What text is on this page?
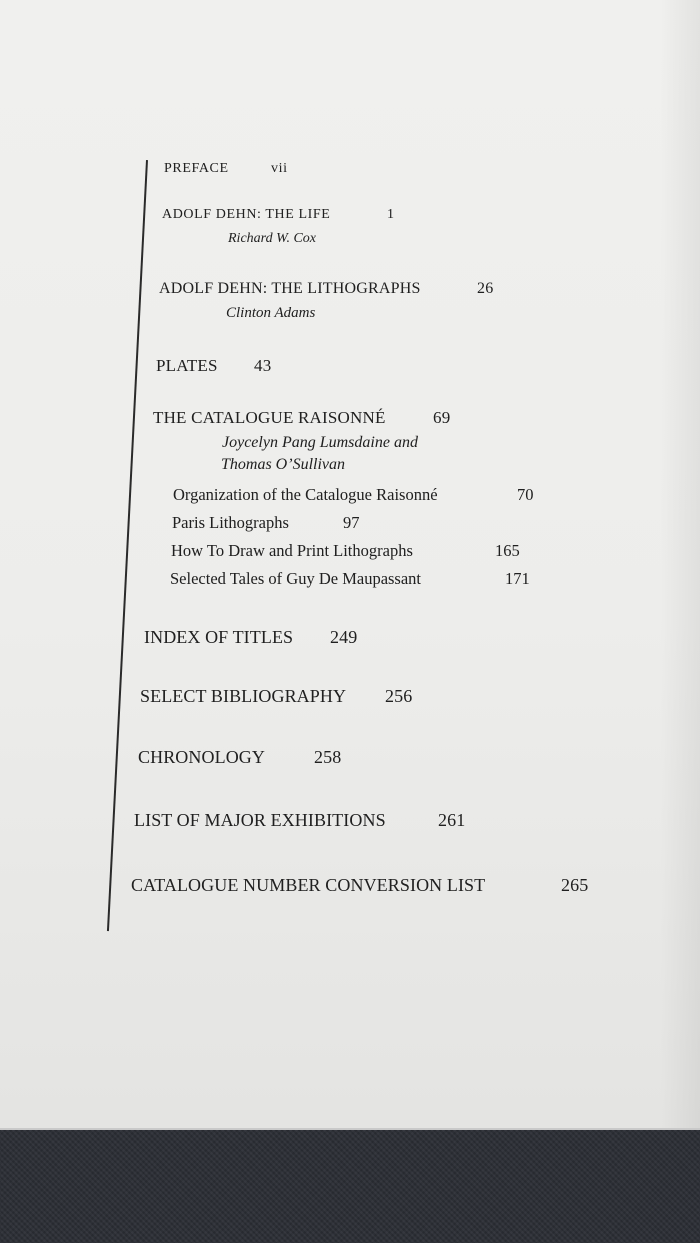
PREFACE	vii
ADOLF DEHN: THE LIFE	1
Richard W. Cox
ADOLF DEHN: THE LITHOGRAPHS	26
Clinton Adams
PLATES 43
THE CATALOGUE RAISONNÉ	69
Joycelyn Pang Lumsdaine and
Thomas O’Sullivan
Organization of the Catalogue Raisonné	70
Paris Lithographs	97
How To Draw and Print Lithographs	165
Selected Tales of Guy De Maupassant	171
INDEX OF TITLES 249
SELECT BIBLIOGRAPHY 256
CHRONOLOGY	258
LIST OF MAJOR EXHIBITIONS	261
CATALOGUE NUMBER CONVERSION LIST	265
